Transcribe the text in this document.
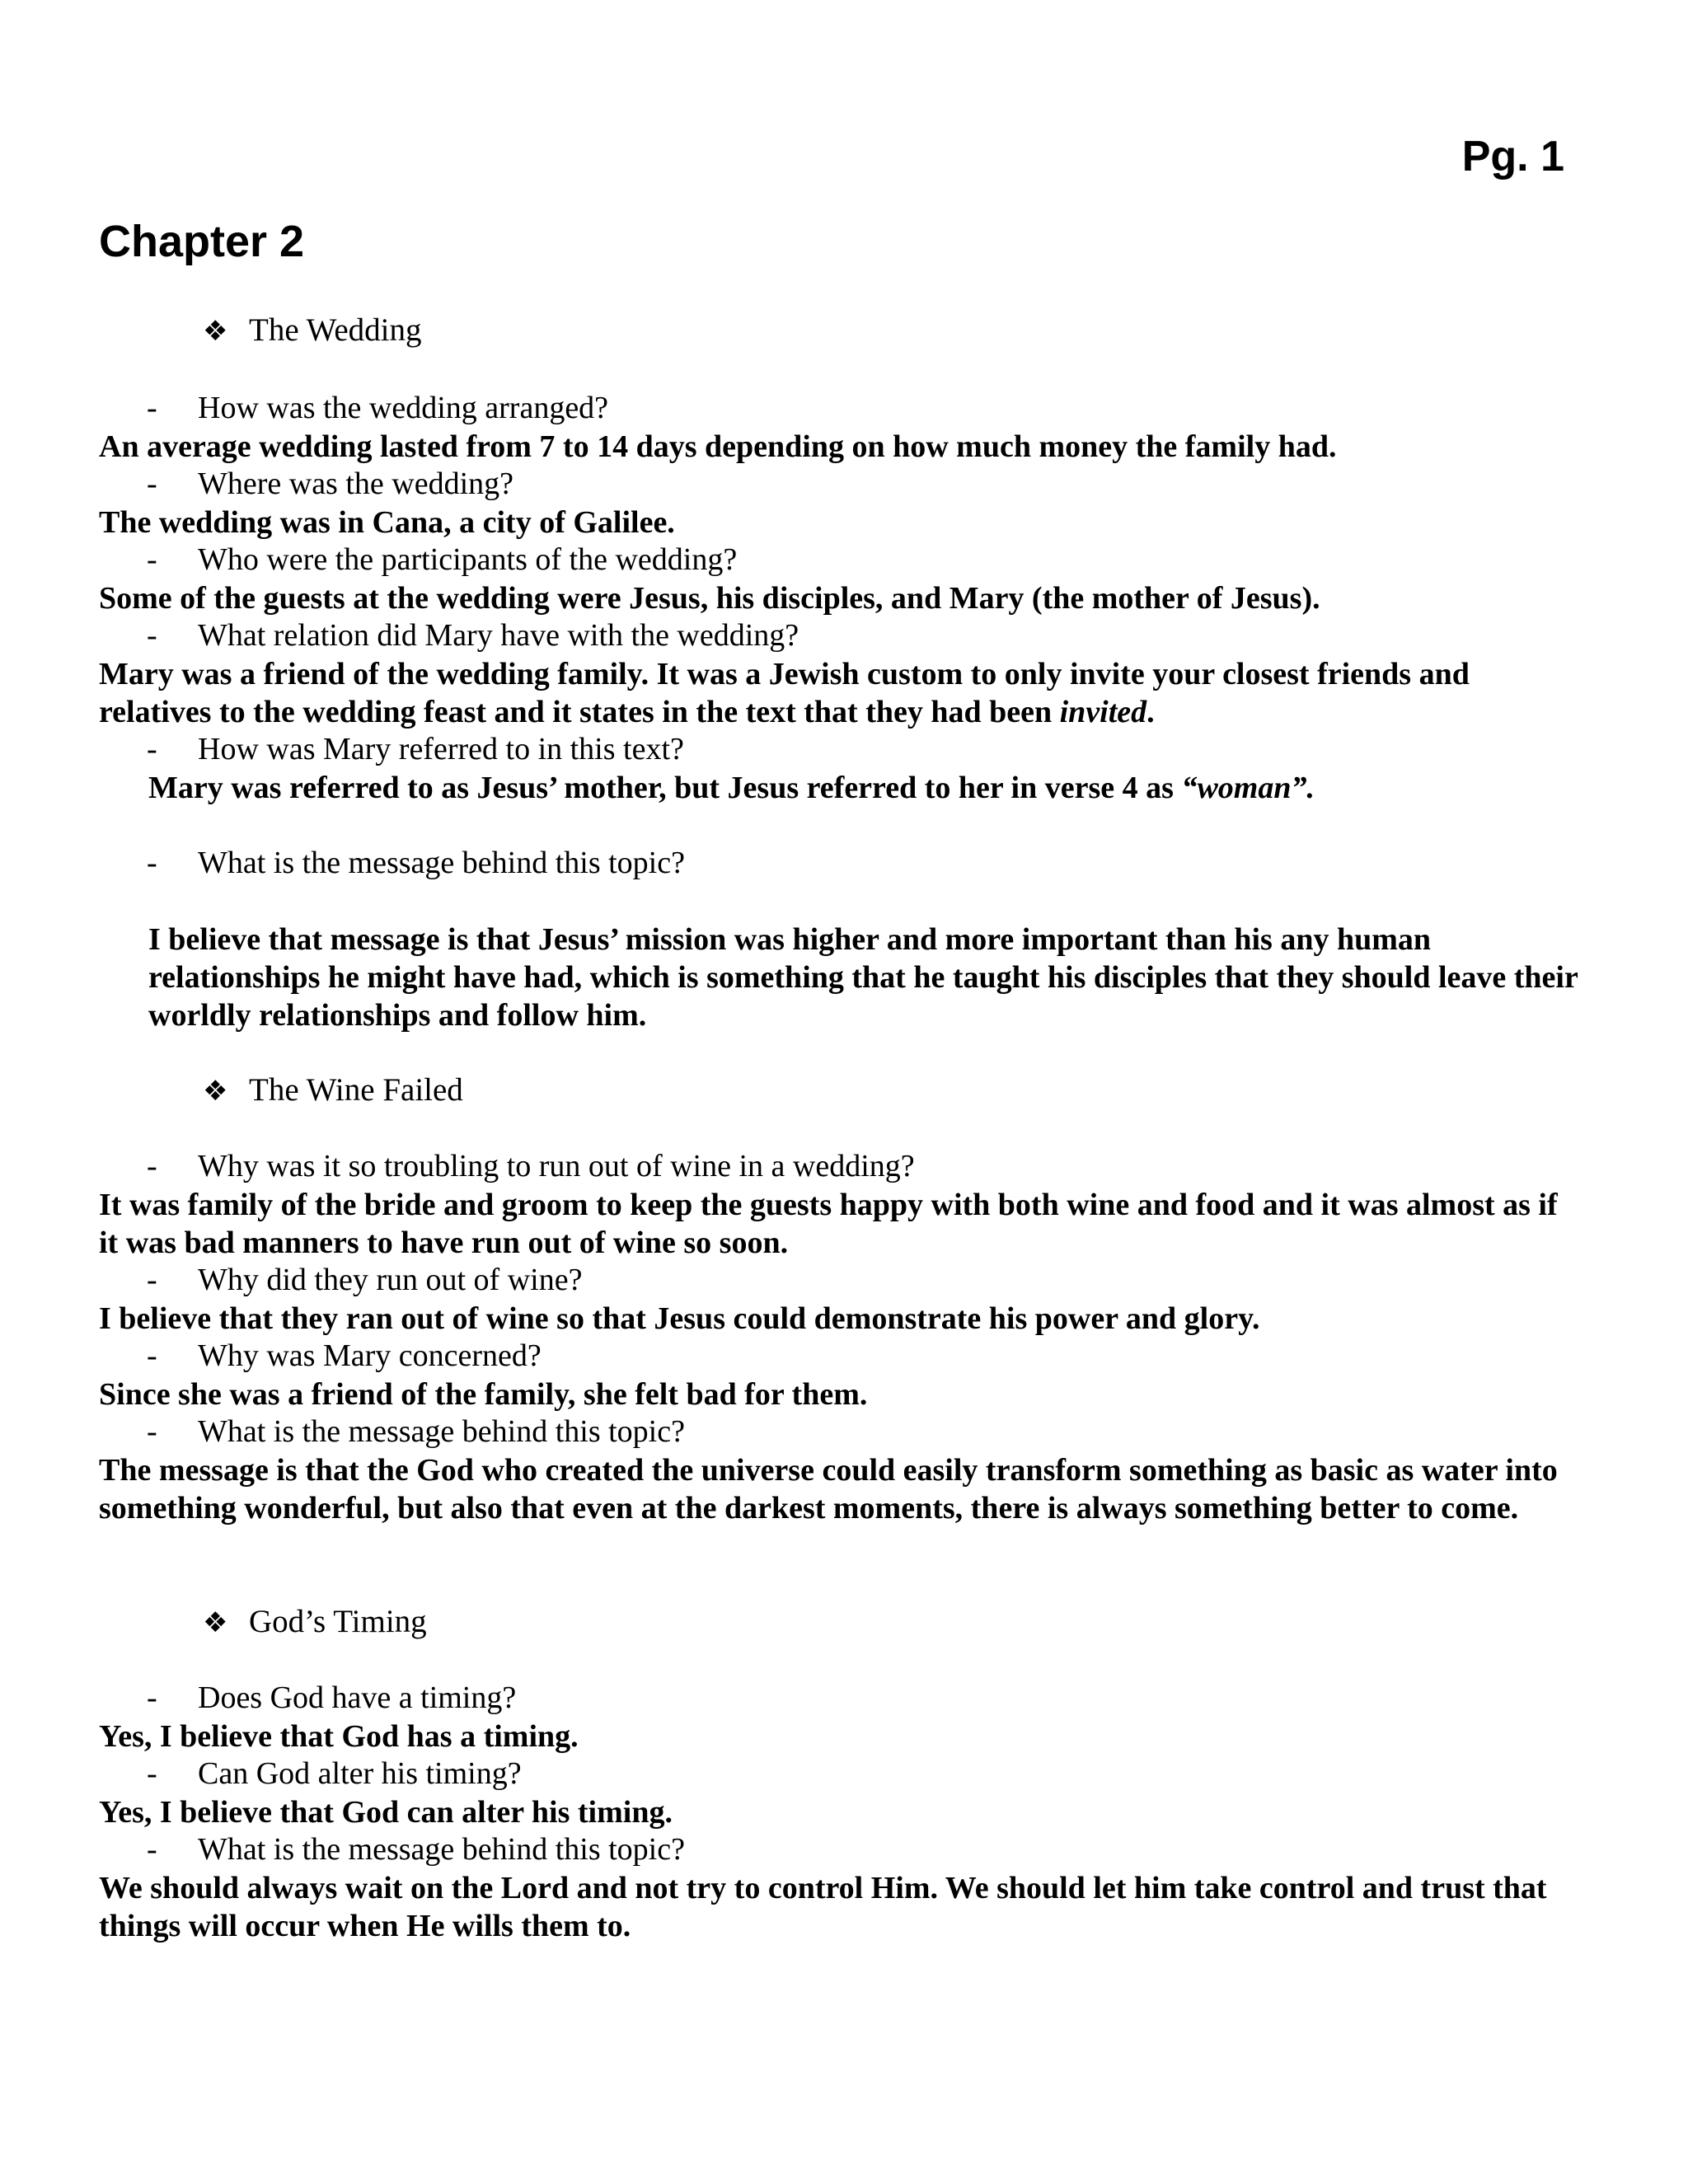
Pg. 1
Chapter 2
❖ The Wedding
- How was the wedding arranged?
An average wedding lasted from 7 to 14 days depending on how much money the family had.
- Where was the wedding?
The wedding was in Cana, a city of Galilee.
- Who were the participants of the wedding?
Some of the guests at the wedding were Jesus, his disciples, and Mary (the mother of Jesus).
- What relation did Mary have with the wedding?
Mary was a friend of the wedding family. It was a Jewish custom to only invite your closest friends and relatives to the wedding feast and it states in the text that they had been invited.
- How was Mary referred to in this text?
Mary was referred to as Jesus’ mother, but Jesus referred to her in verse 4 as “woman”.
- What is the message behind this topic?
I believe that message is that Jesus’ mission was higher and more important than his any human relationships he might have had, which is something that he taught his disciples that they should leave their worldly relationships and follow him.
❖ The Wine Failed
- Why was it so troubling to run out of wine in a wedding?
It was family of the bride and groom to keep the guests happy with both wine and food and it was almost as if it was bad manners to have run out of wine so soon.
- Why did they run out of wine?
I believe that they ran out of wine so that Jesus could demonstrate his power and glory.
- Why was Mary concerned?
Since she was a friend of the family, she felt bad for them.
- What is the message behind this topic?
The message is that the God who created the universe could easily transform something as basic as water into something wonderful, but also that even at the darkest moments, there is always something better to come.
❖ God’s Timing
- Does God have a timing?
Yes, I believe that God has a timing.
- Can God alter his timing?
Yes, I believe that God can alter his timing.
- What is the message behind this topic?
We should always wait on the Lord and not try to control Him. We should let him take control and trust that things will occur when He wills them to.
